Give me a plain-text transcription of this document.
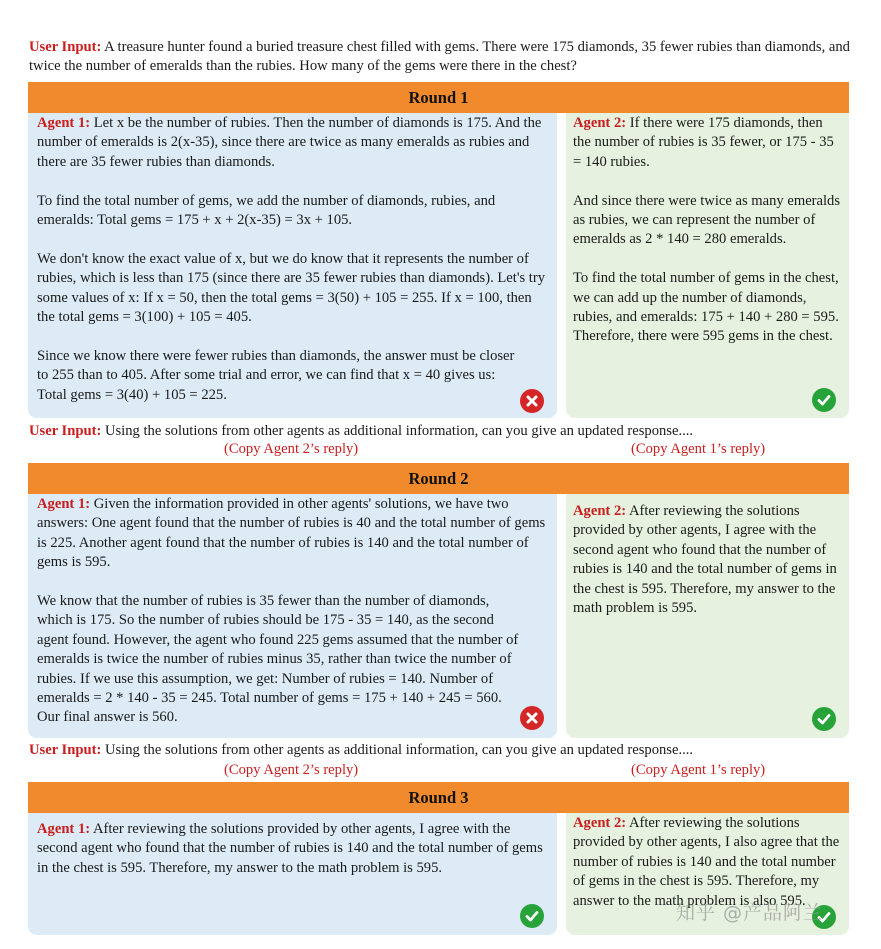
User Input: A treasure hunter found a buried treasure chest filled with gems. There were 175 diamonds, 35 fewer rubies than diamonds, and twice the number of emeralds than the rubies. How many of the gems were there in the chest?
Round 1

Agent 1: Let x be the number of rubies. Then the number of diamonds is 175. And the number of emeralds is 2(x-35), since there are twice as many emeralds as rubies and there are 35 fewer rubies than diamonds.

To find the total number of gems, we add the number of diamonds, rubies, and emeralds: Total gems = 175 + x + 2(x-35) = 3x + 105.

We don't know the exact value of x, but we do know that it represents the number of rubies, which is less than 175 (since there are 35 fewer rubies than diamonds). Let's try some values of x: If x = 50, then the total gems = 3(50) + 105 = 255. If x = 100, then the total gems = 3(100) + 105 = 405.

Since we know there were fewer rubies than diamonds, the answer must be closer to 255 than to 405. After some trial and error, we can find that x = 40 gives us: Total gems = 3(40) + 105 = 225.

Agent 2: If there were 175 diamonds, then the number of rubies is 35 fewer, or 175 - 35 = 140 rubies.

And since there were twice as many emeralds as rubies, we can represent the number of emeralds as 2 * 140 = 280 emeralds.

To find the total number of gems in the chest, we can add up the number of diamonds, rubies, and emeralds: 175 + 140 + 280 = 595. Therefore, there were 595 gems in the chest.

User Input: Using the solutions from other agents as additional information, can you give an updated response....
(Copy Agent 2’s reply)	(Copy Agent 1’s reply)
Round 2

Agent 1: Given the information provided in other agents' solutions, we have two answers: One agent found that the number of rubies is 40 and the total number of gems is 225. Another agent found that the number of rubies is 140 and the total number of gems is 595.

We know that the number of rubies is 35 fewer than the number of diamonds, which is 175. So the number of rubies should be 175 - 35 = 140, as the second agent found. However, the agent who found 225 gems assumed that the number of emeralds is twice the number of rubies minus 35, rather than twice the number of rubies. If we use this assumption, we get: Number of rubies = 140. Number of emeralds = 2 * 140 - 35 = 245. Total number of gems = 175 + 140 + 245 = 560. Our final answer is 560.

Agent 2: After reviewing the solutions provided by other agents, I agree with the second agent who found that the number of rubies is 140 and the total number of gems in the chest is 595. Therefore, my answer to the math problem is 595.

User Input: Using the solutions from other agents as additional information, can you give an updated response....
(Copy Agent 2’s reply)	(Copy Agent 1’s reply)
Round 3

Agent 1: After reviewing the solutions provided by other agents, I agree with the second agent who found that the number of rubies is 140 and the total number of gems in the chest is 595. Therefore, my answer to the math problem is 595.

Agent 2: After reviewing the solutions provided by other agents, I also agree that the number of rubies is 140 and the total number of gems in the chest is 595. Therefore, my answer to the math problem is also 595.

知乎 @产品阿兰
